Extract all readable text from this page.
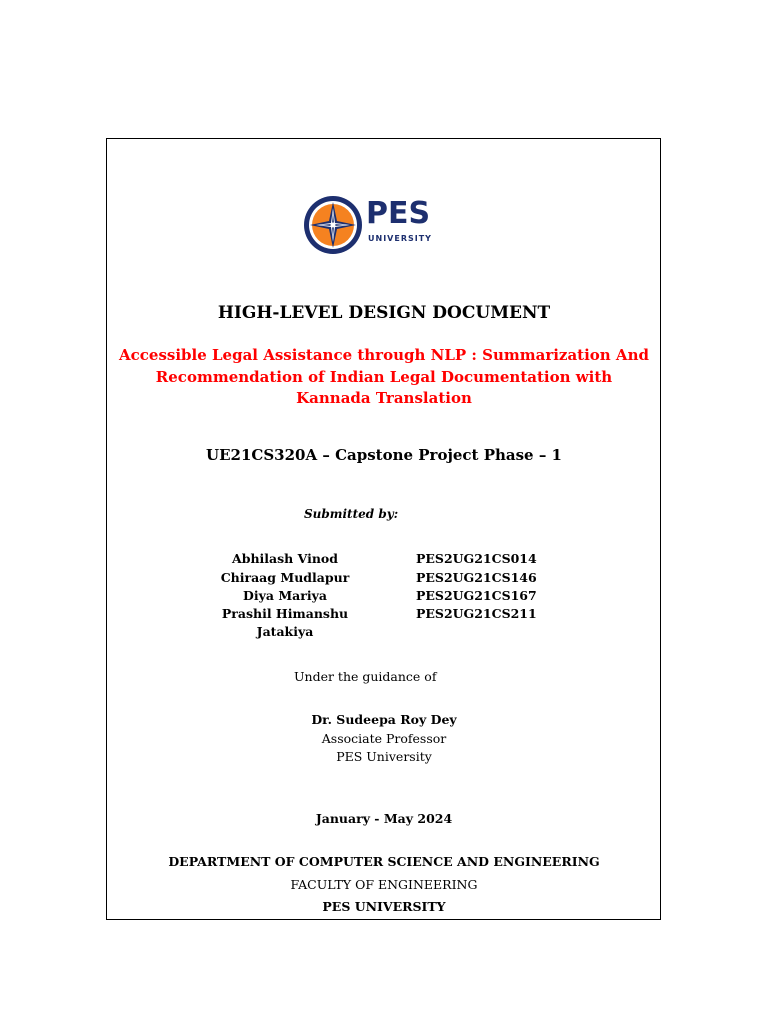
PES
UNIVERSITY
HIGH-LEVEL DESIGN DOCUMENT
Accessible Legal Assistance through NLP : Summarization And Recommendation of Indian Legal Documentation with Kannada Translation
UE21CS320A – Capstone Project Phase – 1
Submitted by:
Abhilash Vinod	PES2UG21CS014
Chiraag Mudlapur	PES2UG21CS146
Diya Mariya	PES2UG21CS167
Prashil Himanshu	PES2UG21CS211
Jatakiya
Under the guidance of
Dr. Sudeepa Roy Dey
Associate Professor
PES University
January - May 2024
DEPARTMENT OF COMPUTER SCIENCE AND ENGINEERING
FACULTY OF ENGINEERING
PES UNIVERSITY
